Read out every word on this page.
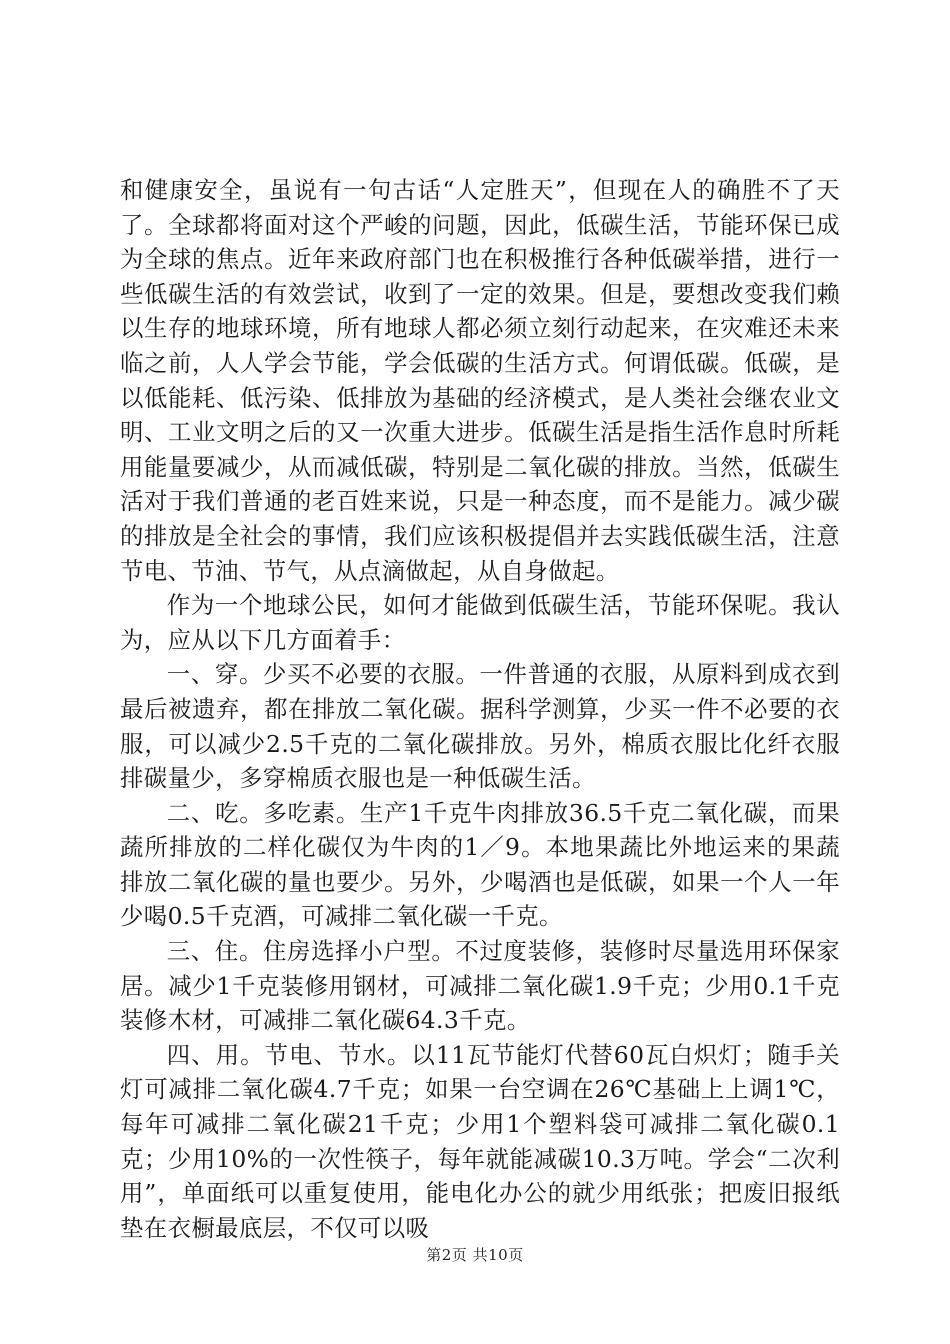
和健康安全，虽说有一句古话“人定胜天”，但现在人的确胜不了天了。全球都将面对这个严峻的问题，因此，低碳生活，节能环保已成为全球的焦点。近年来政府部门也在积极推行各种低碳举措，进行一些低碳生活的有效尝试，收到了一定的效果。但是，要想改变我们赖以生存的地球环境，所有地球人都必须立刻行动起来，在灾难还未来临之前，人人学会节能，学会低碳的生活方式。何谓低碳。低碳，是以低能耗、低污染、低排放为基础的经济模式，是人类社会继农业文明、工业文明之后的又一次重大进步。低碳生活是指生活作息时所耗用能量要减少，从而减低碳，特别是二氧化碳的排放。当然，低碳生活对于我们普通的老百姓来说，只是一种态度，而不是能力。减少碳的排放是全社会的事情，我们应该积极提倡并去实践低碳生活，注意节电、节油、节气，从点滴做起，从自身做起。

作为一个地球公民，如何才能做到低碳生活，节能环保呢。我认为，应从以下几方面着手：

一、穿。少买不必要的衣服。一件普通的衣服，从原料到成衣到最后被遗弃，都在排放二氧化碳。据科学测算，少买一件不必要的衣服，可以减少2.5千克的二氧化碳排放。另外，棉质衣服比化纤衣服排碳量少，多穿棉质衣服也是一种低碳生活。

二、吃。多吃素。生产1千克牛肉排放36.5千克二氧化碳，而果蔬所排放的二样化碳仅为牛肉的1／9。本地果蔬比外地运来的果蔬排放二氧化碳的量也要少。另外，少喝酒也是低碳，如果一个人一年少喝0.5千克酒，可减排二氧化碳一千克。

三、住。住房选择小户型。不过度装修，装修时尽量选用环保家居。减少1千克装修用钢材，可减排二氧化碳1.9千克；少用0.1千克装修木材，可减排二氧化碳64.3千克。

四、用。节电、节水。以11瓦节能灯代替60瓦白炽灯；随手关灯可减排二氧化碳4.7千克；如果一台空调在26℃基础上上调1℃，每年可减排二氧化碳21千克；少用1个塑料袋可减排二氧化碳0.1克；少用10%的一次性筷子，每年就能减碳10.3万吨。学会“二次利用”，单面纸可以重复使用，能电化办公的就少用纸张；把废旧报纸垫在衣橱最底层，不仅可以吸

第2页 共10页
